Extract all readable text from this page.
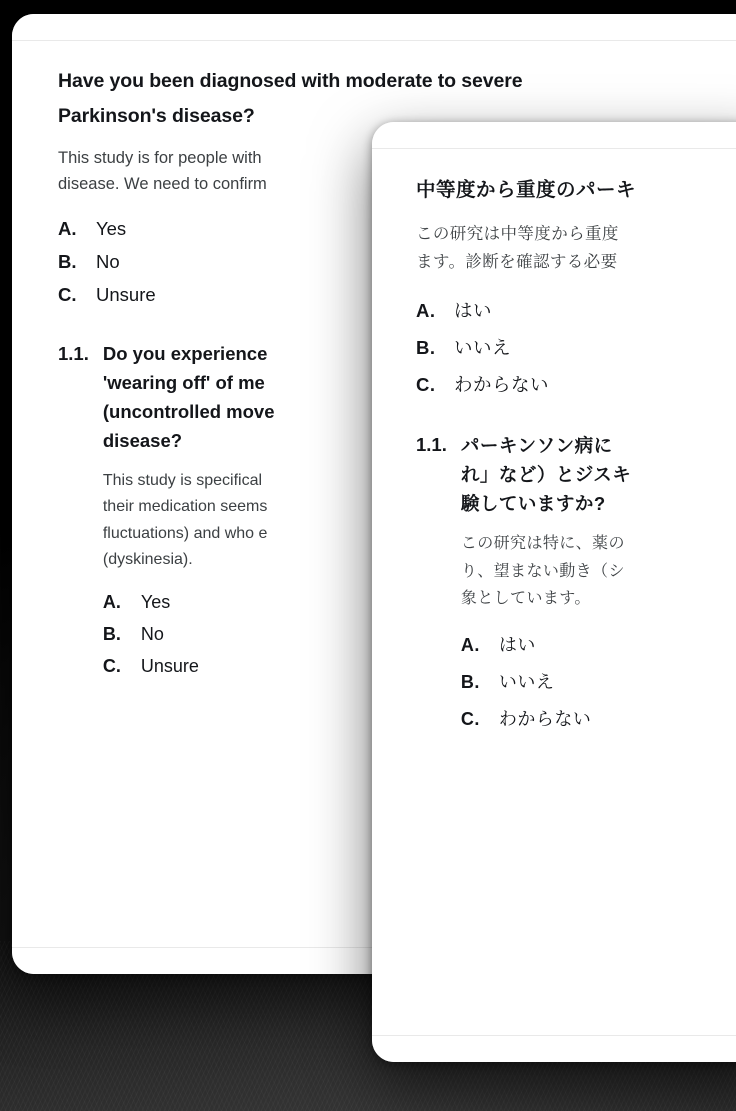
Have you been diagnosed with moderate to severe
Parkinson's disease?
This study is for people with
disease. We need to confirm
A. Yes
B. No
C. Unsure
1.1. Do you experience
'wearing off' of me
(uncontrolled move
disease?
This study is specifical
their medication seems
fluctuations) and who e
(dyskinesia).
A. Yes
B. No
C. Unsure
中等度から重度のパーキ
この研究は中等度から重度
ます。診断を確認する必要
A. はい
B. いいえ
C. わからない
1.1. パーキンソン病に
れ」など）とジスキ
験していますか?
この研究は特に、薬の
り、望まない動き（シ
象としています。
A. はい
B. いいえ
C. わからない
